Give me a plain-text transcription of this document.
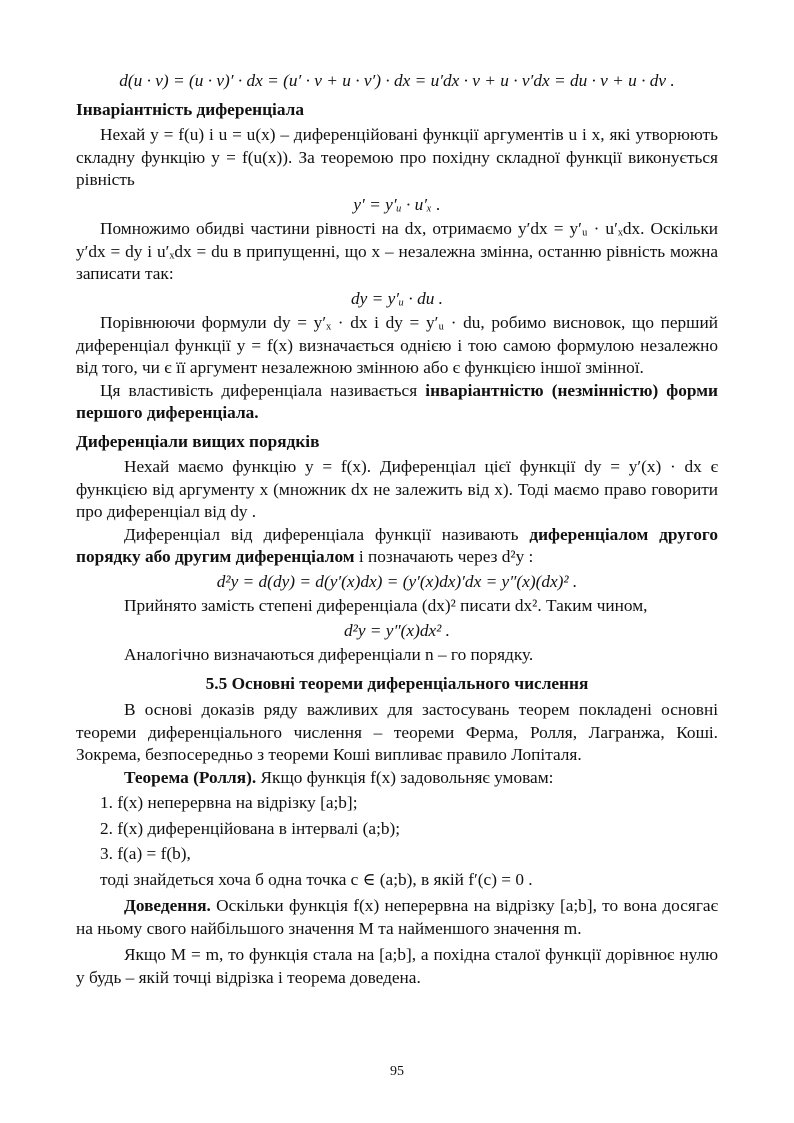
d(u · v) = (u · v)′ · dx = (u′ · v + u · v′) · dx = u′dx · v + u · v′dx = du · v + u · dv .
Інваріантність диференціала

Нехай y = f(u) і u = u(x) – диференційовані функції аргументів u і x, які утворюють складну функцію y = f(u(x)). За теоремою про похідну складної функції виконується рівність

y′ = y′ᵤ · u′ₓ .

Помножимо обидві частини рівності на dx, отримаємо y′dx = y′ᵤ · u′ₓdx. Оскільки y′dx = dy і u′ₓdx = du в припущенні, що x – незалежна змінна, останню рівність можна записати так:

dy = y′ᵤ · du .

Порівнюючи формули dy = y′ₓ · dx і dy = y′ᵤ · du, робимо висновок, що перший диференціал функції y = f(x) визначається однією і тою самою формулою незалежно від того, чи є її аргумент незалежною змінною або є функцією іншої змінної.

Ця властивість диференціала називається інваріантністю (незмінністю) форми першого диференціала.

Диференціали вищих порядків

Нехай маємо функцію y = f(x). Диференціал цієї функції dy = y′(x) · dx є функцією від аргументу x (множник dx не залежить від x). Тоді маємо право говорити про диференціал від dy .

Диференціал від диференціала функції називають диференціалом другого порядку або другим диференціалом і позначають через d²y :

d²y = d(dy) = d(y′(x)dx) = (y′(x)dx)′dx = y″(x)(dx)² .

Прийнято замість степені диференціала (dx)² писати dx². Таким чином,

d²y = y″(x)dx² .

Аналогічно визначаються диференціали n – го порядку.

5.5 Основні теореми диференціального числення

В основі доказів ряду важливих для застосувань теорем покладені основні теореми диференціального числення – теореми Ферма, Ролля, Лагранжа, Коші. Зокрема, безпосередньо з теореми Коші випливає правило Лопіталя.

Теорема (Ролля). Якщо функція f(x) задовольняє умовам:

1. f(x) неперервна на відрізку [a;b];
2. f(x) диференційована в інтервалі (a;b);
3. f(a) = f(b),

тоді знайдеться хоча б одна точка c ∈ (a;b), в якій f′(c) = 0 .

Доведення. Оскільки функція f(x) неперервна на відрізку [a;b], то вона досягає на ньому свого найбільшого значення M та найменшого значення m.

Якщо M = m, то функція стала на [a;b], а похідна сталої функції дорівнює нулю у будь – якій точці відрізка і теорема доведена.

95
